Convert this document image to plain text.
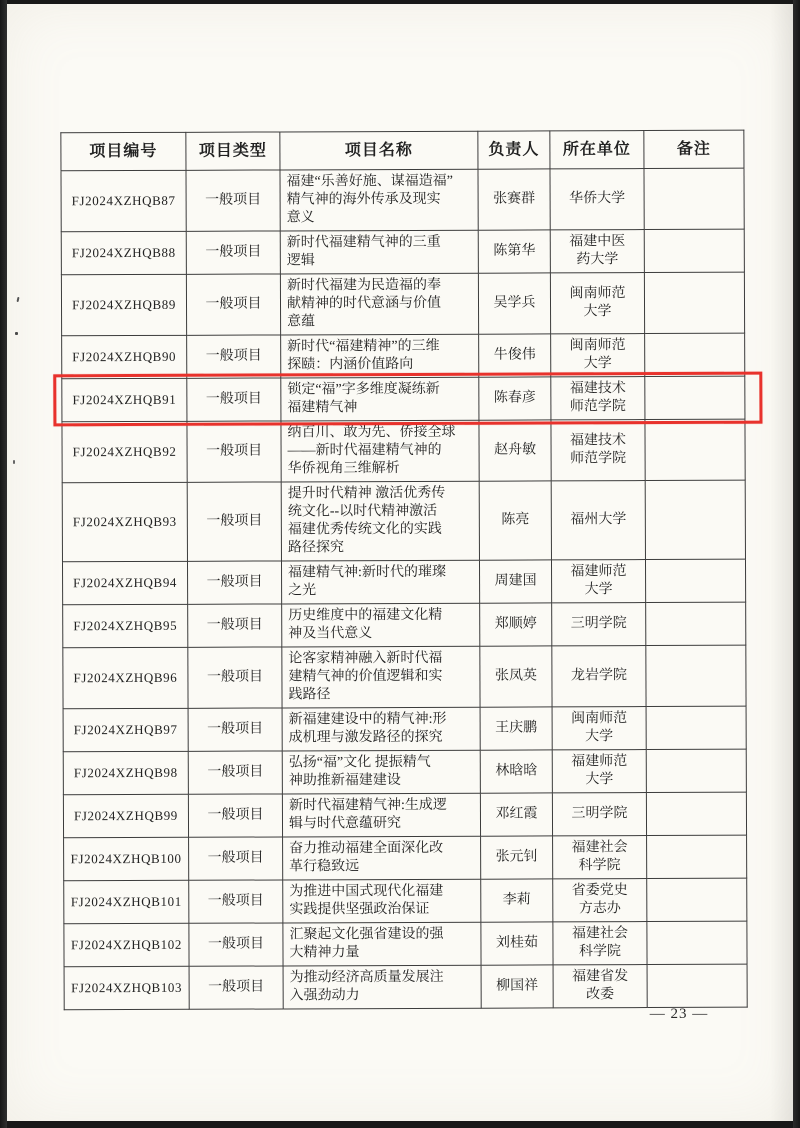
项目编号	项目类型	项目名称	负责人	所在单位	备注
FJ2024XZHQB87	一般项目	福建“乐善好施、谋福造福”
精气神的海外传承及现实
意义	张赛群	华侨大学	
FJ2024XZHQB88	一般项目	新时代福建精气神的三重
逻辑	陈第华	福建中医
药大学	
FJ2024XZHQB89	一般项目	新时代福建为民造福的奉
献精神的时代意涵与价值
意蕴	吴学兵	闽南师范
大学	
FJ2024XZHQB90	一般项目	新时代“福建精神”的三维
探赜：内涵价值路向	牛俊伟	闽南师范
大学	
FJ2024XZHQB91	一般项目	锁定“福”字多维度凝练新
福建精气神	陈春彦	福建技术
师范学院	
FJ2024XZHQB92	一般项目	纳百川、敢为先、侨接全球
——新时代福建精气神的
华侨视角三维解析	赵舟敏	福建技术
师范学院	
FJ2024XZHQB93	一般项目	提升时代精神 激活优秀传
统文化--以时代精神激活
福建优秀传统文化的实践
路径探究	陈亮	福州大学	
FJ2024XZHQB94	一般项目	福建精气神:新时代的璀璨
之光	周建国	福建师范
大学	
FJ2024XZHQB95	一般项目	历史维度中的福建文化精
神及当代意义	郑顺婷	三明学院	
FJ2024XZHQB96	一般项目	论客家精神融入新时代福
建精气神的价值逻辑和实
践路径	张凤英	龙岩学院	
FJ2024XZHQB97	一般项目	新福建建设中的精气神:形
成机理与激发路径的探究	王庆鹏	闽南师范
大学	
FJ2024XZHQB98	一般项目	弘扬“福”文化 提振精气
神助推新福建建设	林晗晗	福建师范
大学	
FJ2024XZHQB99	一般项目	新时代福建精气神:生成逻
辑与时代意蕴研究	邓红霞	三明学院	
FJ2024XZHQB100	一般项目	奋力推动福建全面深化改
革行稳致远	张元钊	福建社会
科学院	
FJ2024XZHQB101	一般项目	为推进中国式现代化福建
实践提供坚强政治保证	李莉	省委党史
方志办	
FJ2024XZHQB102	一般项目	汇聚起文化强省建设的强
大精神力量	刘桂茹	福建社会
科学院	
FJ2024XZHQB103	一般项目	为推动经济高质量发展注
入强劲动力	柳国祥	福建省发
改委	
— 23 —
